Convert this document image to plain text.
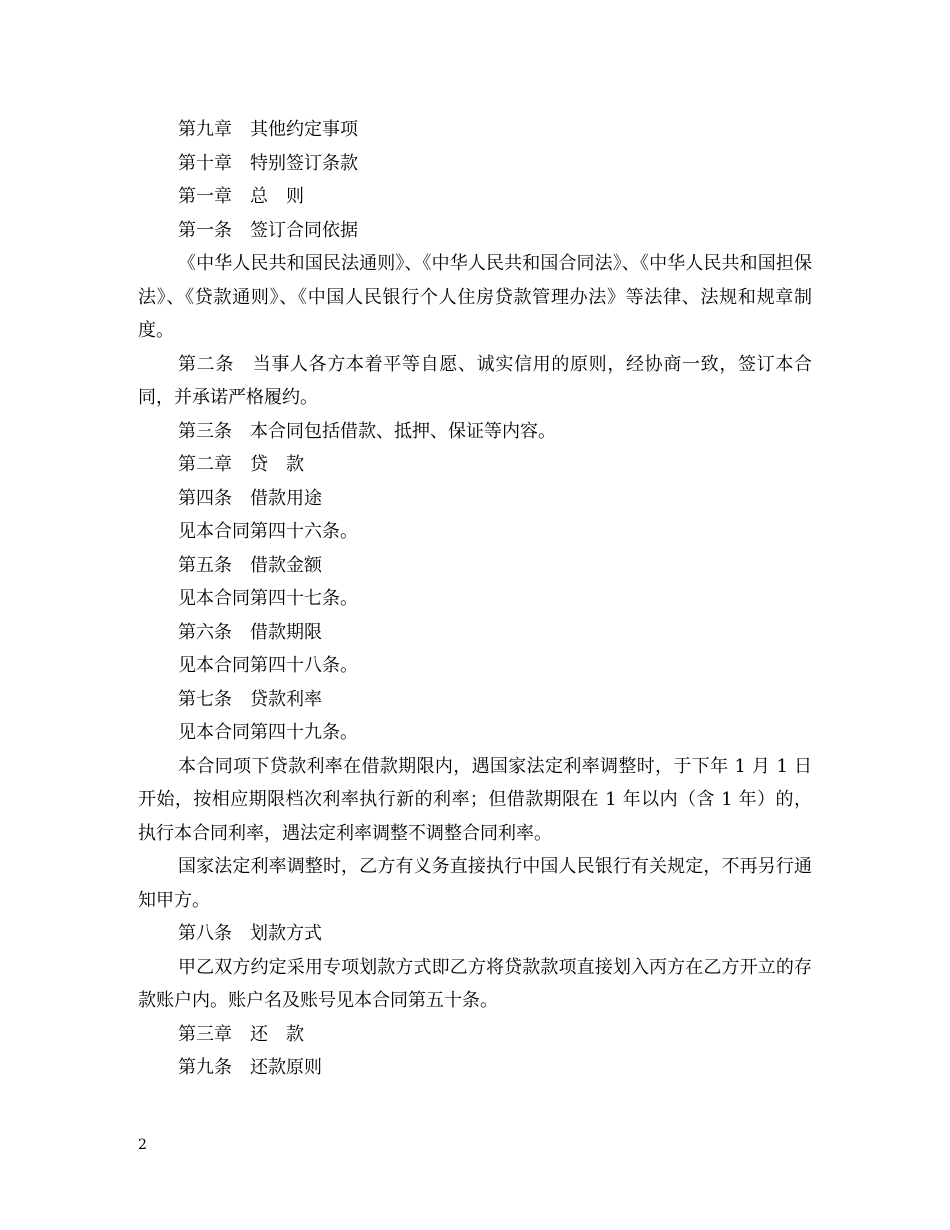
第九章　其他约定事项
第十章　特别签订条款
第一章　总　则
第一条　签订合同依据
《中华人民共和国民法通则》、《中华人民共和国合同法》、《中华人民共和国担保法》、《贷款通则》、《中国人民银行个人住房贷款管理办法》等法律、法规和规章制度。
第二条　当事人各方本着平等自愿、诚实信用的原则，经协商一致，签订本合同，并承诺严格履约。
第三条　本合同包括借款、抵押、保证等内容。
第二章　贷　款
第四条　借款用途
见本合同第四十六条。
第五条　借款金额
见本合同第四十七条。
第六条　借款期限
见本合同第四十八条。
第七条　贷款利率
见本合同第四十九条。
本合同项下贷款利率在借款期限内，遇国家法定利率调整时，于下年 1 月 1 日开始，按相应期限档次利率执行新的利率；但借款期限在 1 年以内（含 1 年）的，执行本合同利率，遇法定利率调整不调整合同利率。
国家法定利率调整时，乙方有义务直接执行中国人民银行有关规定，不再另行通知甲方。
第八条　划款方式
甲乙双方约定采用专项划款方式即乙方将贷款款项直接划入丙方在乙方开立的存款账户内。账户名及账号见本合同第五十条。
第三章　还　款
第九条　还款原则
2
